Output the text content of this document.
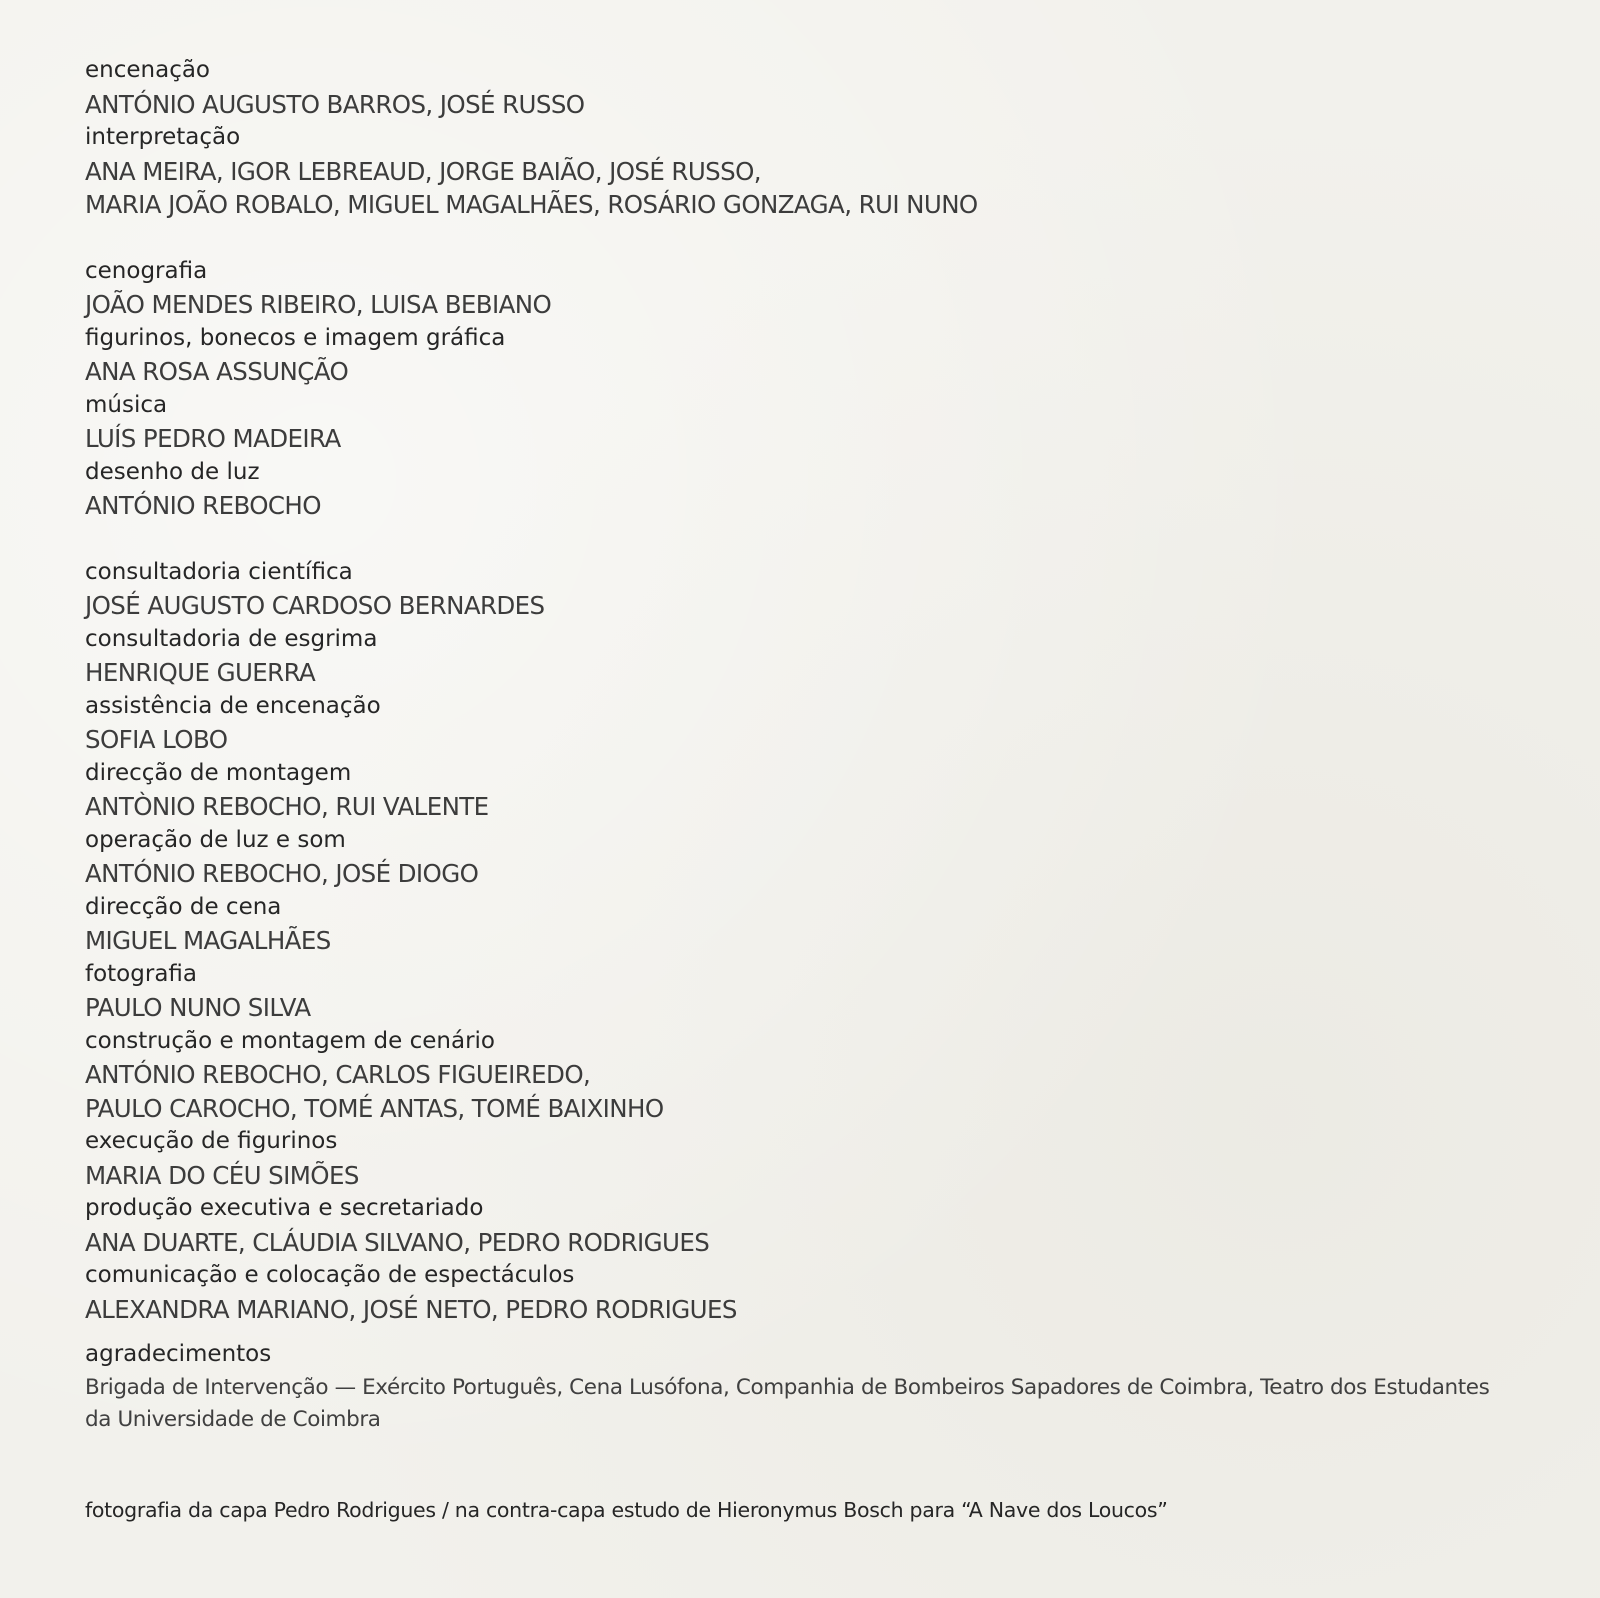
encenação

ANTÓNIO AUGUSTO BARROS, JOSÉ RUSSO

interpretação

ANA MEIRA, IGOR LEBREAUD, JORGE BAIÃO, JOSÉ RUSSO,

MARIA JOÃO ROBALO, MIGUEL MAGALHÃES, ROSÁRIO GONZAGA, RUI NUNO

cenografia

JOÃO MENDES RIBEIRO, LUISA BEBIANO

figurinos, bonecos e imagem gráfica

ANA ROSA ASSUNÇÃO

música

LUÍS PEDRO MADEIRA

desenho de luz

ANTÓNIO REBOCHO

consultadoria científica

JOSÉ AUGUSTO CARDOSO BERNARDES

consultadoria de esgrima

HENRIQUE GUERRA

assistência de encenação

SOFIA LOBO

direcção de montagem

ANTÒNIO REBOCHO, RUI VALENTE

operação de luz e som

ANTÓNIO REBOCHO, JOSÉ DIOGO

direcção de cena

MIGUEL MAGALHÃES

fotografia

PAULO NUNO SILVA

construção e montagem de cenário

ANTÓNIO REBOCHO, CARLOS FIGUEIREDO,

PAULO CAROCHO, TOMÉ ANTAS, TOMÉ BAIXINHO

execução de figurinos

MARIA DO CÉU SIMÕES

produção executiva e secretariado

ANA DUARTE, CLÁUDIA SILVANO, PEDRO RODRIGUES

comunicação e colocação de espectáculos

ALEXANDRA MARIANO, JOSÉ NETO, PEDRO RODRIGUES

agradecimentos

Brigada de Intervenção — Exército Português, Cena Lusófona, Companhia de Bombeiros Sapadores de Coimbra, Teatro dos Estudantes da Universidade de Coimbra

fotografia da capa Pedro Rodrigues / na contra-capa estudo de Hieronymus Bosch para “A Nave dos Loucos”
